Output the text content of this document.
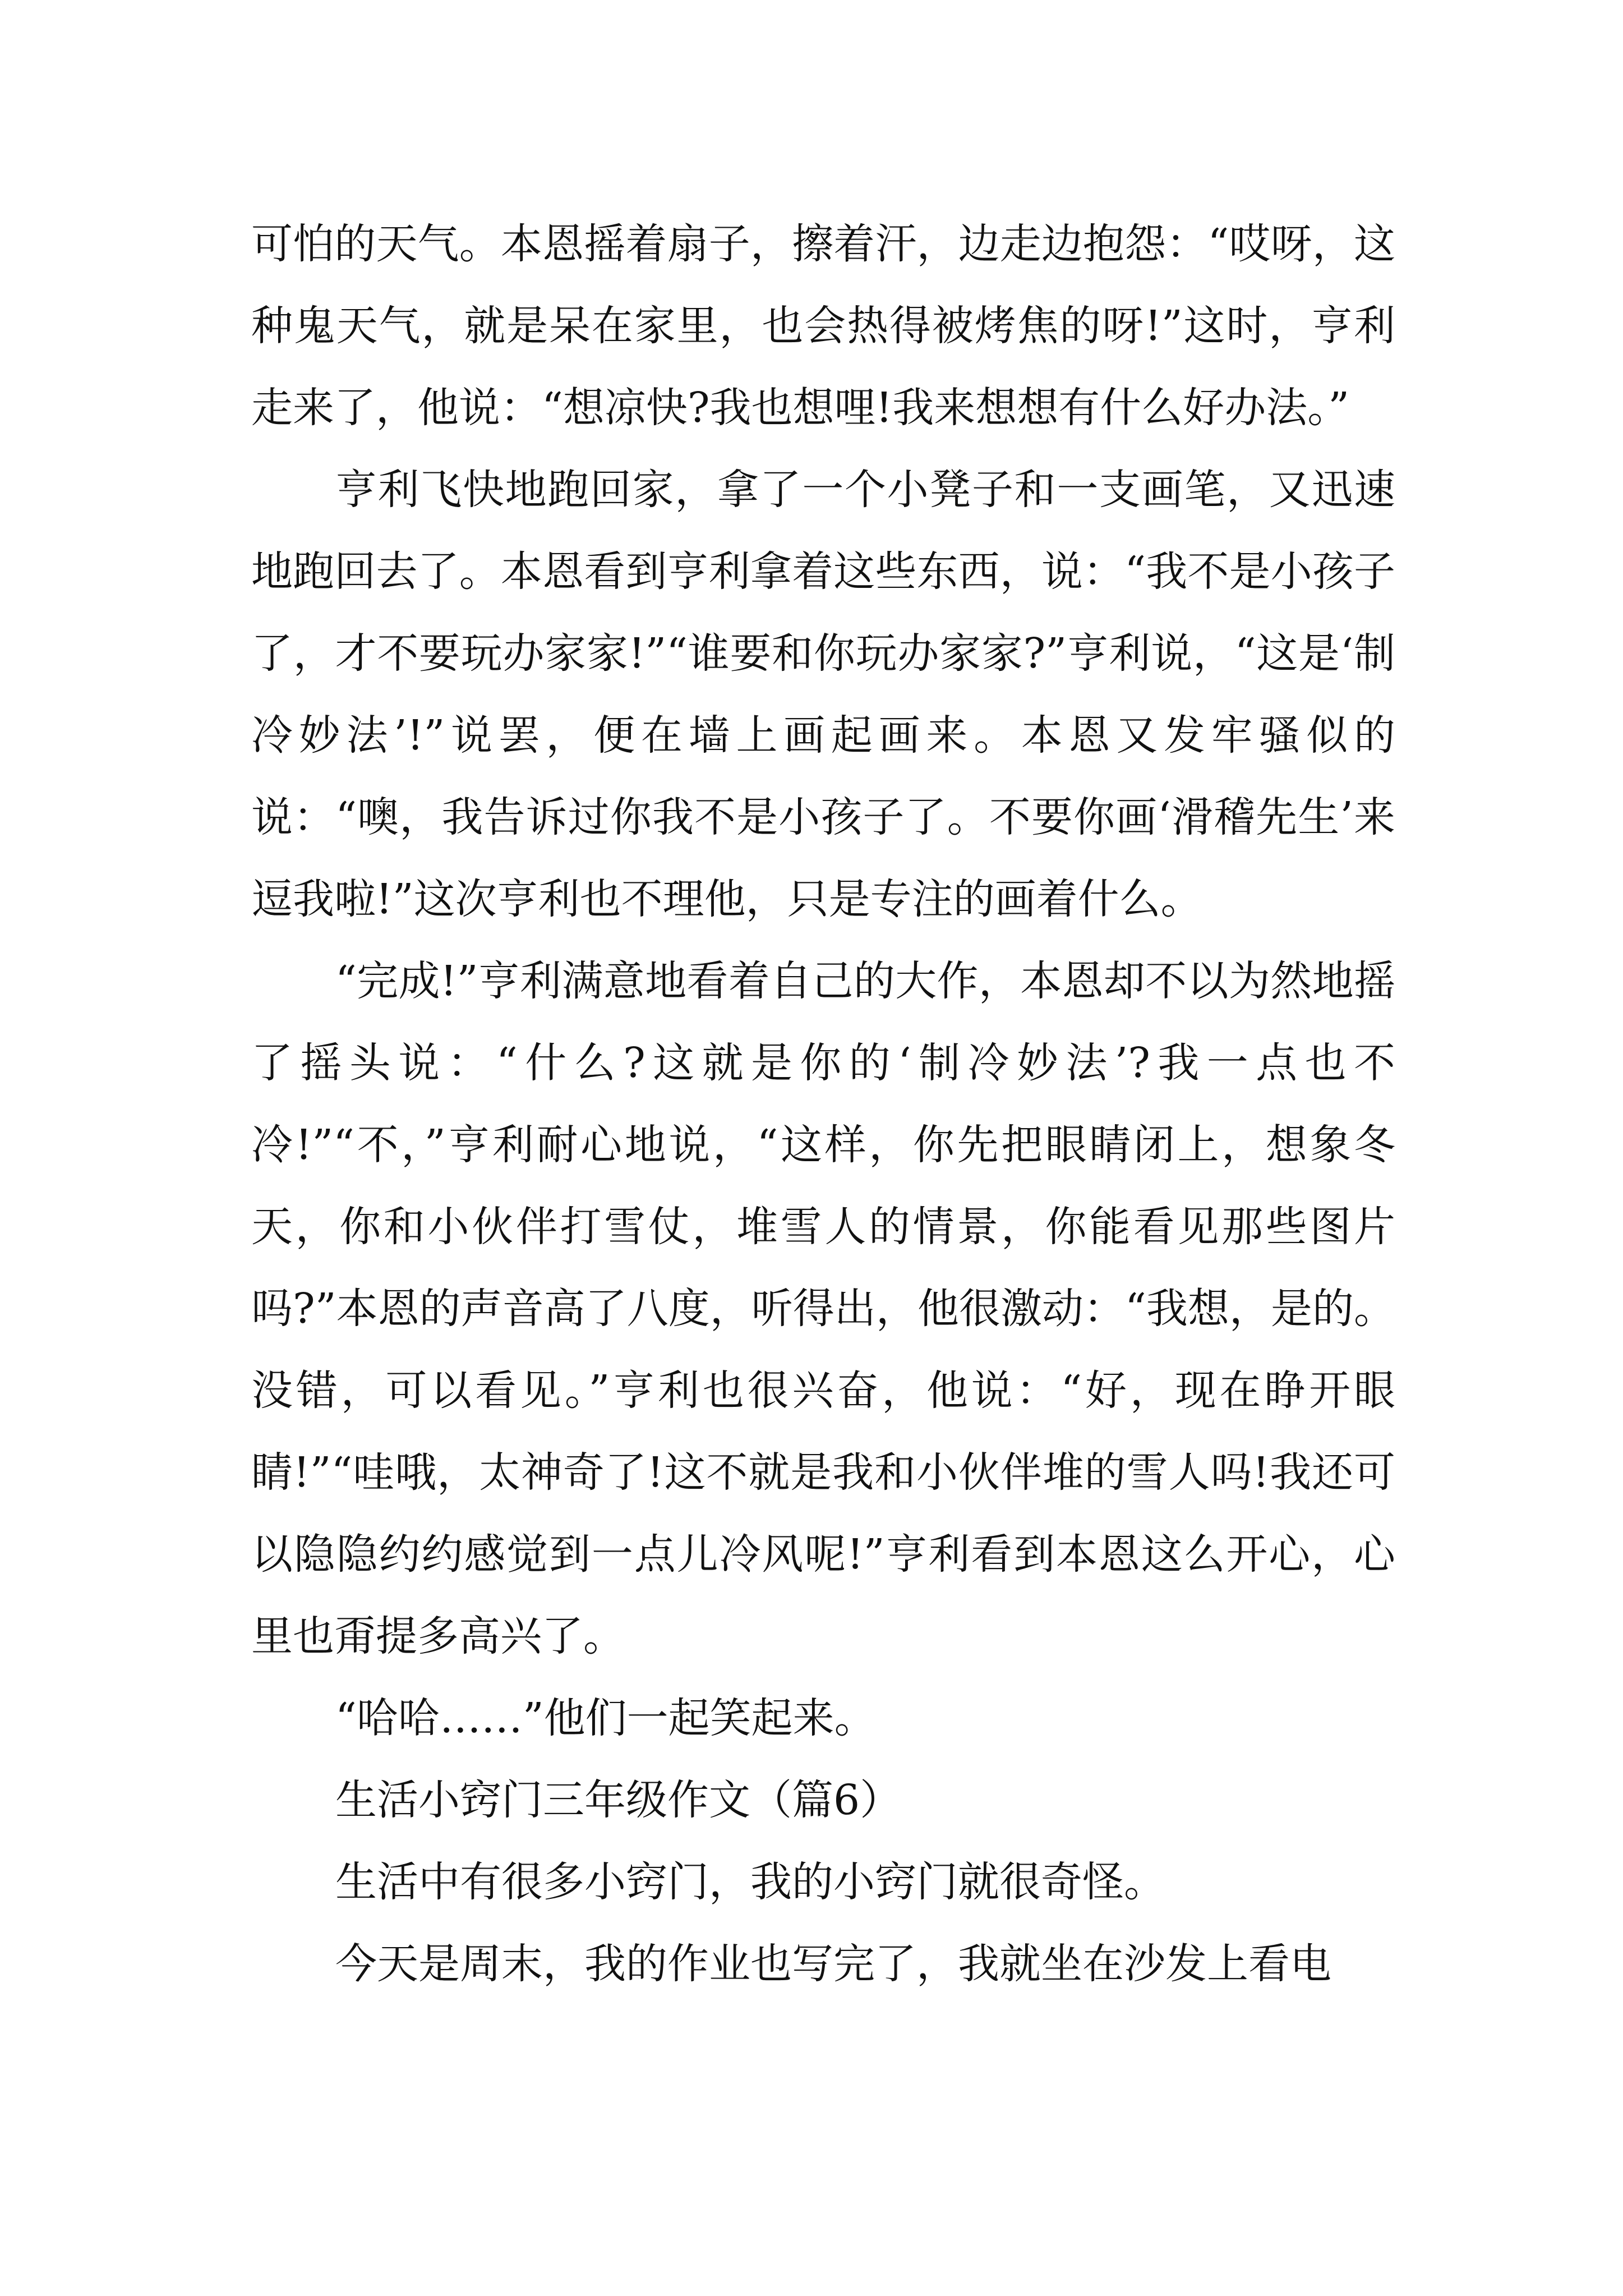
可怕的天气。本恩摇着扇子，擦着汗，边走边抱怨：“哎呀，这种鬼天气，就是呆在家里，也会热得被烤焦的呀!”这时，亨利走来了，他说：“想凉快?我也想哩!我来想想有什么好办法。”

亨利飞快地跑回家，拿了一个小凳子和一支画笔，又迅速地跑回去了。本恩看到亨利拿着这些东西，说：“我不是小孩子了，才不要玩办家家!”“谁要和你玩办家家?”亨利说，“这是‘制冷妙法’!”说罢，便在墙上画起画来。本恩又发牢骚似的说：“噢，我告诉过你我不是小孩子了。不要你画‘滑稽先生’来逗我啦!”这次亨利也不理他，只是专注的画着什么。

“完成!”亨利满意地看着自己的大作，本恩却不以为然地摇了摇头说：“什么?这就是你的‘制冷妙法’?我一点也不冷!”“不，”亨利耐心地说，“这样，你先把眼睛闭上，想象冬天，你和小伙伴打雪仗，堆雪人的情景，你能看见那些图片吗?”本恩的声音高了八度，听得出，他很激动：“我想，是的。没错，可以看见。”亨利也很兴奋，他说：“好，现在睁开眼睛!”“哇哦，太神奇了!这不就是我和小伙伴堆的雪人吗!我还可以隐隐约约感觉到一点儿冷风呢!”亨利看到本恩这么开心，心里也甭提多高兴了。

“哈哈……”他们一起笑起来。

生活小窍门三年级作文（篇6）

生活中有很多小窍门，我的小窍门就很奇怪。

今天是周末，我的作业也写完了，我就坐在沙发上看电
